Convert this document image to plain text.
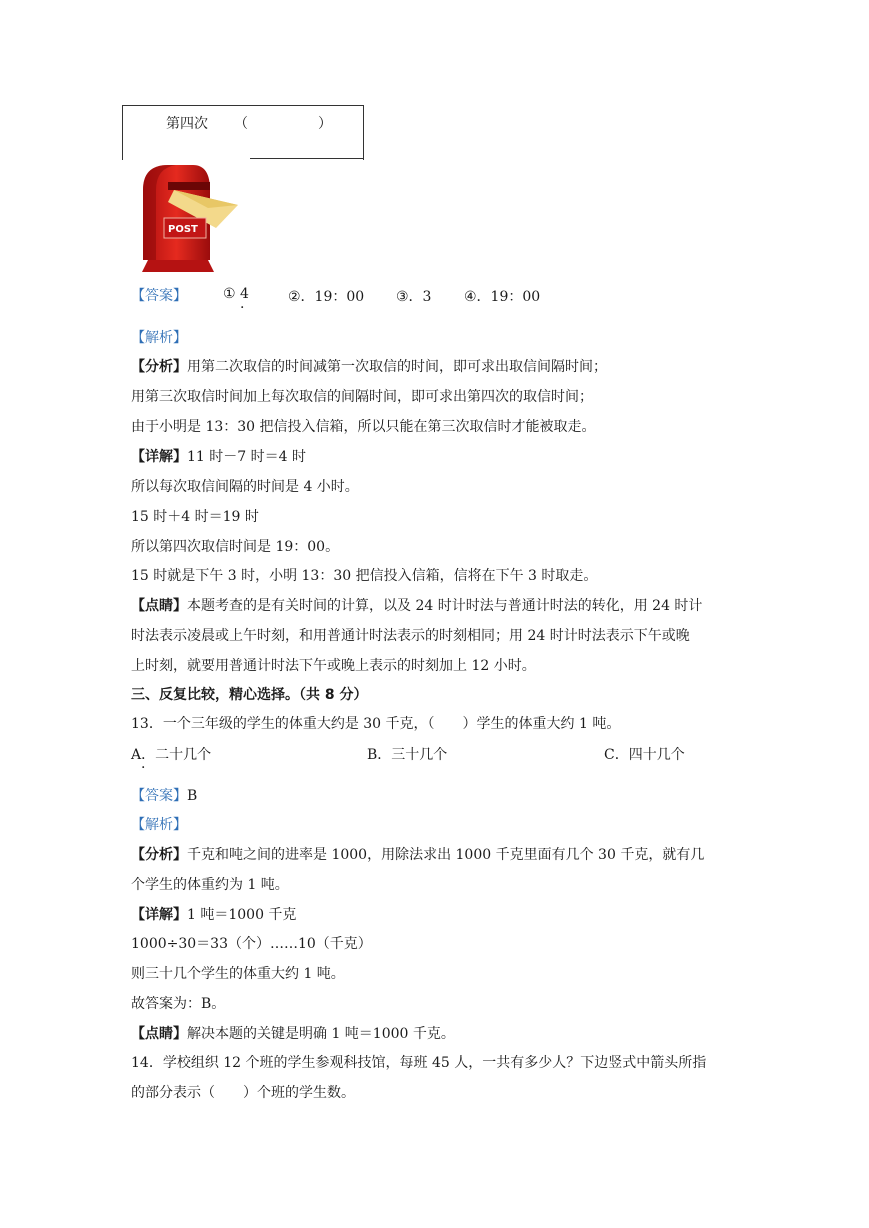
第四次 （　　　　　）
POST
【答案】	① 4
·
②．19：00 ③．3 ④．19：00
【解析】
【分析】用第二次取信的时间减第一次取信的时间，即可求出取信间隔时间；
用第三次取信时间加上每次取信的间隔时间，即可求出第四次的取信时间；
由于小明是 13：30 把信投入信箱，所以只能在第三次取信时才能被取走。
【详解】11 时－7 时＝4 时
所以每次取信间隔的时间是 4 小时。
15 时＋4 时＝19 时
所以第四次取信时间是 19：00。
15 时就是下午 3 时，小明 13：30 把信投入信箱，信将在下午 3 时取走。
【点睛】本题考查的是有关时间的计算，以及 24 时计时法与普通计时法的转化，用 24 时计
时法表示凌晨或上午时刻，和用普通计时法表示的时刻相同；用 24 时计时法表示下午或晚
上时刻，就要用普通计时法下午或晚上表示的时刻加上 12 小时。
三、反复比较，精心选择。（共 8 分）
13．一个三年级的学生的体重大约是 30 千克，（　　）学生的体重大约 1 吨。
A．二十几个
·
B．三十几个	C．四十几个
【答案】B
【解析】
【分析】千克和吨之间的进率是 1000，用除法求出 1000 千克里面有几个 30 千克，就有几
个学生的体重约为 1 吨。
【详解】1 吨＝1000 千克
1000÷30＝33（个）……10（千克）
则三十几个学生的体重大约 1 吨。
故答案为：B。
【点睛】解决本题的关键是明确 1 吨＝1000 千克。
14．学校组织 12 个班的学生参观科技馆，每班 45 人，一共有多少人？下边竖式中箭头所指
的部分表示（　　）个班的学生数。
